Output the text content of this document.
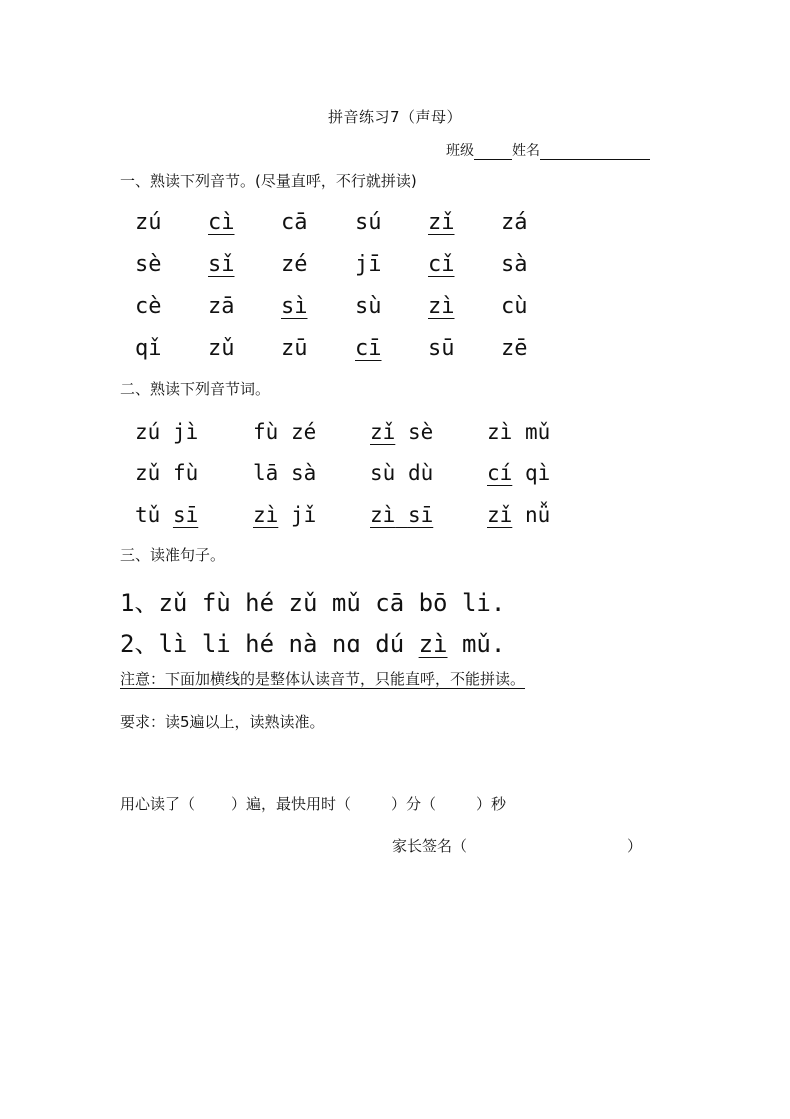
拼音练习7（声母）
班级	姓名
一、熟读下列音节。(尽量直呼，不行就拼读)
zú cì cā sú zǐ zá
sè sǐ zé jī cǐ sà
cè zā sì sù zì cù
qǐ zǔ zū cī sū zē
二、熟读下列音节词。
zú jì	fù zé	zǐ sè	zì mǔ
zǔ fù	lā sà	sù dù	cí qì
tǔ sī	zì jǐ	zì sī	zǐ nǚ
三、读准句子。
1、zǔ fù hé zǔ mǔ cā bō li.
2、lì li hé nà nɑ dú zì mǔ.
注意：下面加横线的是整体认读音节，只能直呼，不能拼读。
要求：读5遍以上，读熟读准。
用心读了（ ）遍，最快用时（	）分（	）秒
家长签名（	）
